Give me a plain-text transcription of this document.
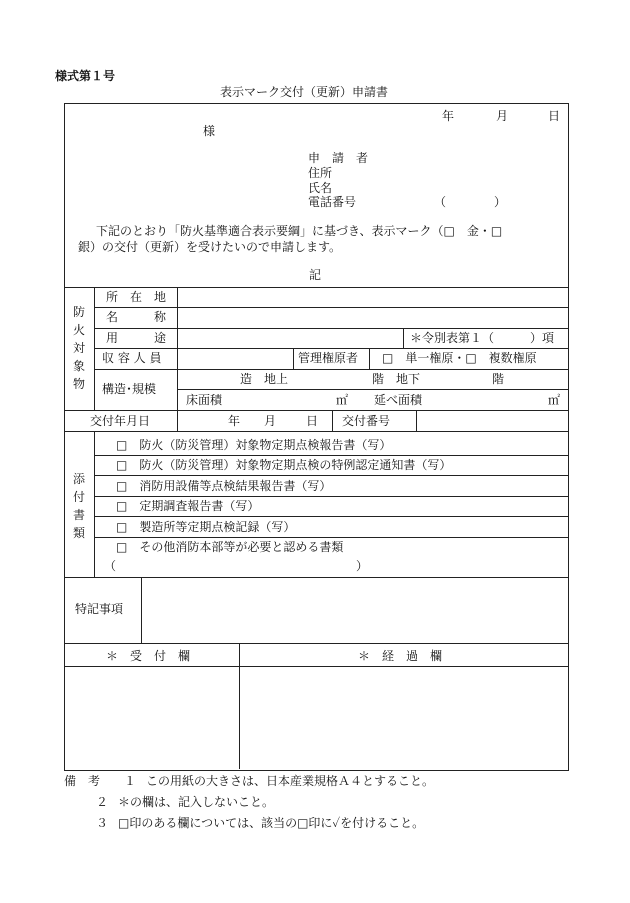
様式第１号
表示マーク交付（更新）申請書
年	月	日
様
申　請　者
住所
氏名
電話番号	（　　　　）
下記のとおり「防火基準適合表示要綱」に基づき、表示マーク（□　金・□
銀）の交付（更新）を受けたいので申請します。
記
防火対象物
所　在　地
名　　　称
用　　　途	＊令別表第１（　　　）項
収 容 人 員	管理権原者 □　単一権原・□　複数権原
構造･規模
造　地上　　　　　　　階　地下　　　　　　階
床面積	㎡ 延べ面積	㎡
交付年月日	年 月 日 交付番号
添付書類
□　防火（防災管理）対象物定期点検報告書（写）
□　防火（防災管理）対象物定期点検の特例認定通知書（写）
□　消防用設備等点検結果報告書（写）
□　定期調査報告書（写）
□　製造所等定期点検記録（写）
□　その他消防本部等が必要と認める書類
（　　　　　　　　　　　　　　　　　　　　）
特記事項
＊　受　付　欄	＊　経　過　欄
備　考 １ この用紙の大きさは、日本産業規格Ａ４とすること。
２ ＊の欄は、記入しないこと。
３ □印のある欄については、該当の□印に✓を付けること。
